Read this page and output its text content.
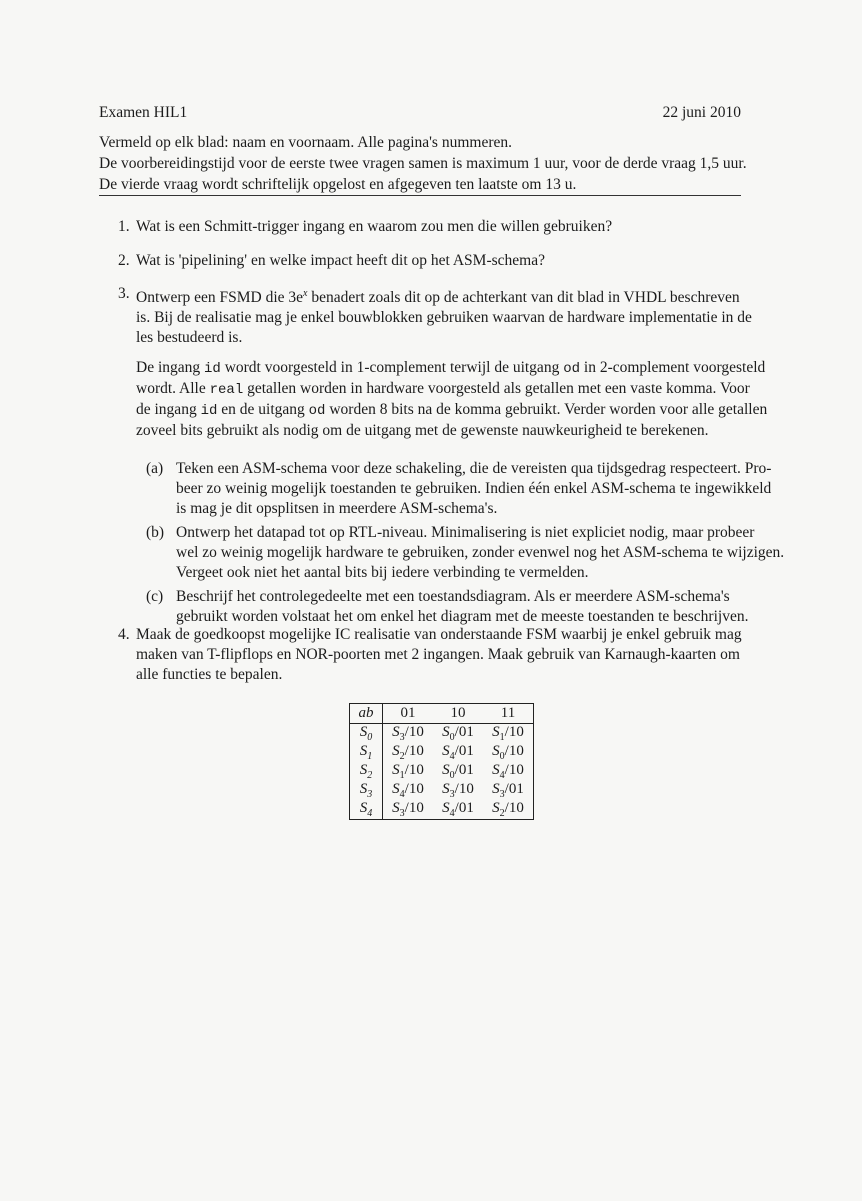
Examen HIL1	22 juni 2010
Vermeld op elk blad: naam en voornaam. Alle pagina's nummeren.
De voorbereidingstijd voor de eerste twee vragen samen is maximum 1 uur, voor de derde vraag 1,5 uur.
De vierde vraag wordt schriftelijk opgelost en afgegeven ten laatste om 13 u.
1. Wat is een Schmitt-trigger ingang en waarom zou men die willen gebruiken?
2. Wat is 'pipelining' en welke impact heeft dit op het ASM-schema?
3. Ontwerp een FSMD die $3e^x$ benadert zoals dit op de achterkant van dit blad in VHDL beschreven
is. Bij de realisatie mag je enkel bouwblokken gebruiken waarvan de hardware implementatie in de
les bestudeerd is.
De ingang id wordt voorgesteld in 1-complement terwijl de uitgang od in 2-complement voorgesteld
wordt. Alle real getallen worden in hardware voorgesteld als getallen met een vaste komma. Voor
de ingang id en de uitgang od worden 8 bits na de komma gebruikt. Verder worden voor alle getallen
zoveel bits gebruikt als nodig om de uitgang met de gewenste nauwkeurigheid te berekenen.
(a) Teken een ASM-schema voor deze schakeling, die de vereisten qua tijdsgedrag respecteert. Pro-
beer zo weinig mogelijk toestanden te gebruiken. Indien één enkel ASM-schema te ingewikkeld
is mag je dit opsplitsen in meerdere ASM-schema's.
(b) Ontwerp het datapad tot op RTL-niveau. Minimalisering is niet expliciet nodig, maar probeer
wel zo weinig mogelijk hardware te gebruiken, zonder evenwel nog het ASM-schema te wijzigen.
Vergeet ook niet het aantal bits bij iedere verbinding te vermelden.
(c) Beschrijf het controlegedeelte met een toestandsdiagram. Als er meerdere ASM-schema's
gebruikt worden volstaat het om enkel het diagram met de meeste toestanden te beschrijven.
4. Maak de goedkoopst mogelijke IC realisatie van onderstaande FSM waarbij je enkel gebruik mag
maken van T-flipflops en NOR-poorten met 2 ingangen. Maak gebruik van Karnaugh-kaarten om
alle functies te bepalen.
ab	01	10	11
$S_0$	$S_3/10$	$S_0/01$	$S_1/10$
$S_1$	$S_2/10$	$S_4/01$	$S_0/10$
$S_2$	$S_1/10$	$S_0/01$	$S_4/10$
$S_3$	$S_4/10$	$S_3/10$	$S_3/01$
$S_4$	$S_3/10$	$S_4/01$	$S_2/10$
